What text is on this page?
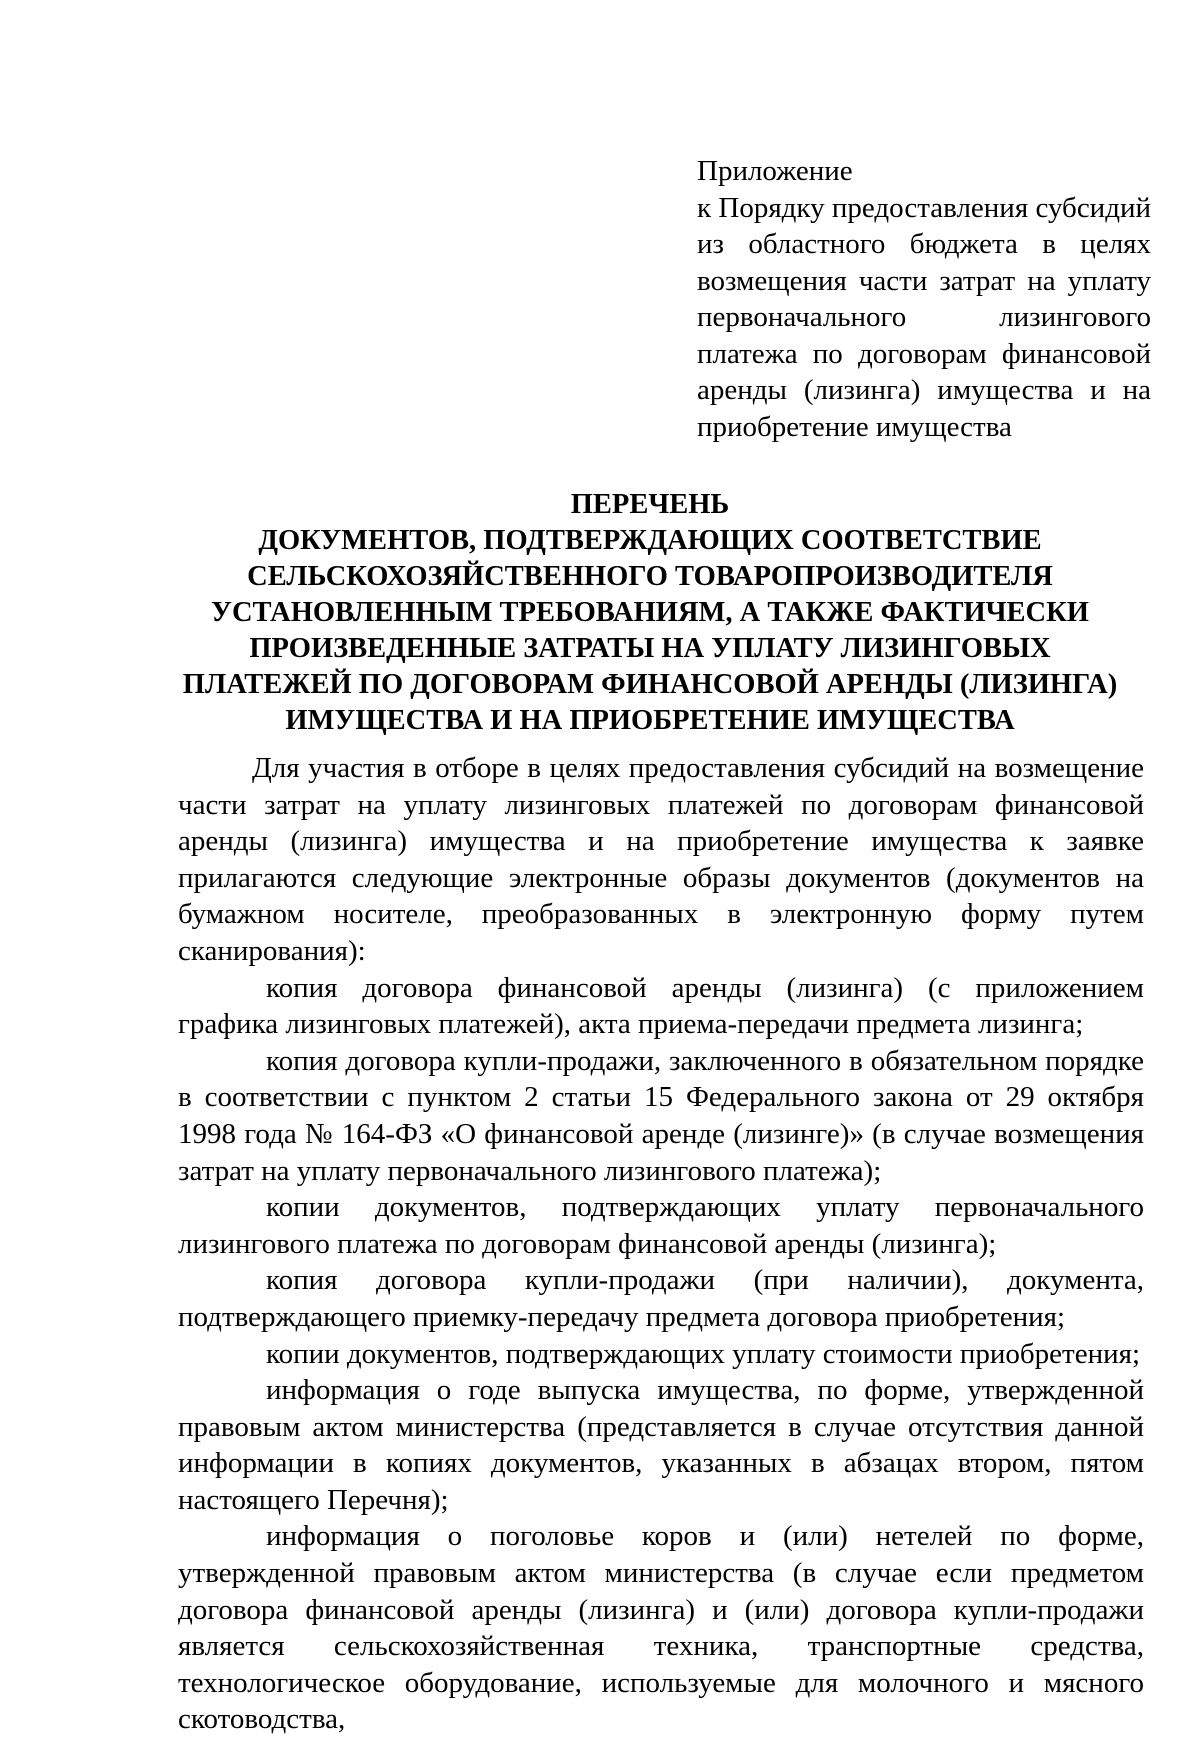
Приложение
к Порядку предоставления субсидий из областного бюджета в целях возмещения части затрат на уплату первоначального лизингового платежа по договорам финансовой аренды (лизинга) имущества и на приобретение имущества
ПЕРЕЧЕНЬ
ДОКУМЕНТОВ, ПОДТВЕРЖДАЮЩИХ СООТВЕТСТВИЕ
СЕЛЬСКОХОЗЯЙСТВЕННОГО ТОВАРОПРОИЗВОДИТЕЛЯ
УСТАНОВЛЕННЫМ ТРЕБОВАНИЯМ, А ТАКЖЕ ФАКТИЧЕСКИ
ПРОИЗВЕДЕННЫЕ ЗАТРАТЫ НА УПЛАТУ ЛИЗИНГОВЫХ
ПЛАТЕЖЕЙ ПО ДОГОВОРАМ ФИНАНСОВОЙ АРЕНДЫ (ЛИЗИНГА)
ИМУЩЕСТВА И НА ПРИОБРЕТЕНИЕ ИМУЩЕСТВА

Для участия в отборе в целях предоставления субсидий на возмещение части затрат на уплату лизинговых платежей по договорам финансовой аренды (лизинга) имущества и на приобретение имущества к заявке прилагаются следующие электронные образы документов (документов на бумажном носителе, преобразованных в электронную форму путем сканирования):

копия договора финансовой аренды (лизинга) (с приложением графика лизинговых платежей), акта приема-передачи предмета лизинга;

копия договора купли-продажи, заключенного в обязательном порядке в соответствии с пунктом 2 статьи 15 Федерального закона от 29 октября 1998 года № 164-ФЗ «О финансовой аренде (лизинге)» (в случае возмещения затрат на уплату первоначального лизингового платежа);

копии документов, подтверждающих уплату первоначального лизингового платежа по договорам финансовой аренды (лизинга);

копия договора купли-продажи (при наличии), документа, подтверждающего приемку-передачу предмета договора приобретения;

копии документов, подтверждающих уплату стоимости приобретения;

информация о годе выпуска имущества, по форме, утвержденной правовым актом министерства (представляется в случае отсутствия данной информации в копиях документов, указанных в абзацах втором, пятом настоящего Перечня);

информация о поголовье коров и (или) нетелей по форме, утвержденной правовым актом министерства (в случае если предметом договора финансовой аренды (лизинга) и (или) договора купли-продажи является сельскохозяйственная техника, транспортные средства, технологическое оборудование, используемые для молочного и мясного скотоводства,
